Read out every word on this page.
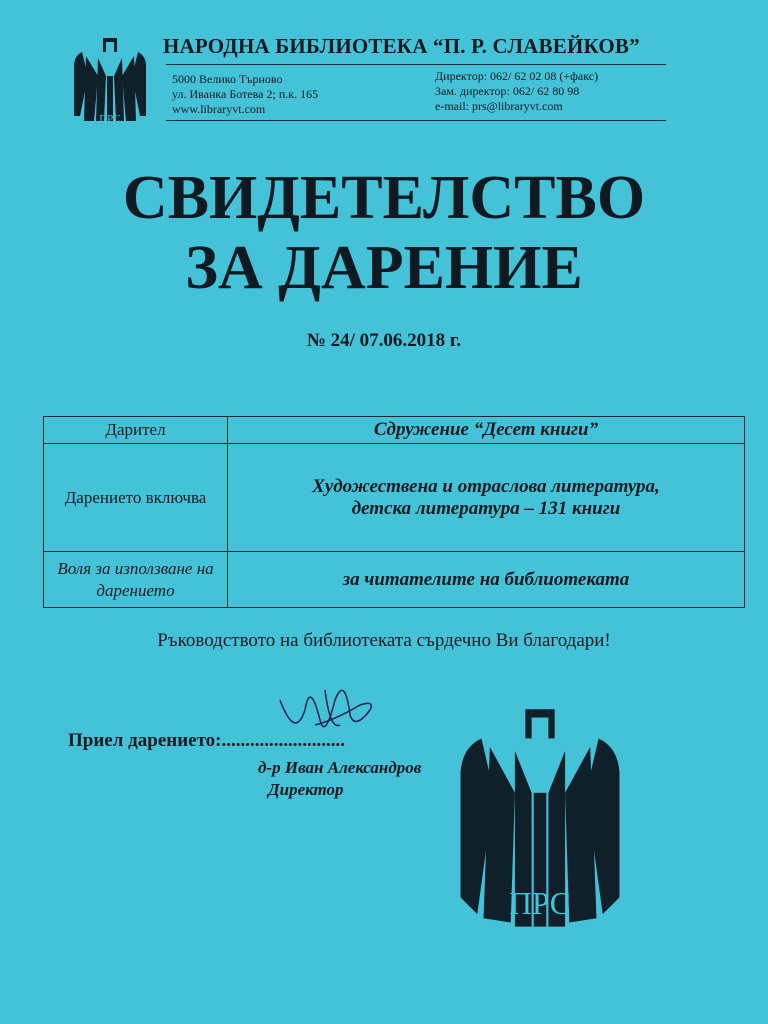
ПРС
НАРОДНА БИБЛИОТЕКА “П. Р. СЛАВЕЙКОВ”
5000 Велико Търново
ул. Иванка Ботева 2; п.к. 165
www.libraryvt.com
Директор: 062/ 62 02 08 (+факс)
Зам. директор: 062/ 62 80 98
e-mail: prs@libraryvt.com
СВИДЕТЕЛСТВО
ЗА ДАРЕНИЕ
№ 24/ 07.06.2018 г.
Дарител	Сдружение “Десет книги”
Дарението включва	Художествена и отраслова литература,
детска литература – 131 книги

Воля за използване на дарението	за читателите на библиотеката
Ръководството на библиотеката сърдечно Ви благодари!
Приел дарението:..........................
д-р Иван Александров
Директор
ПРС
